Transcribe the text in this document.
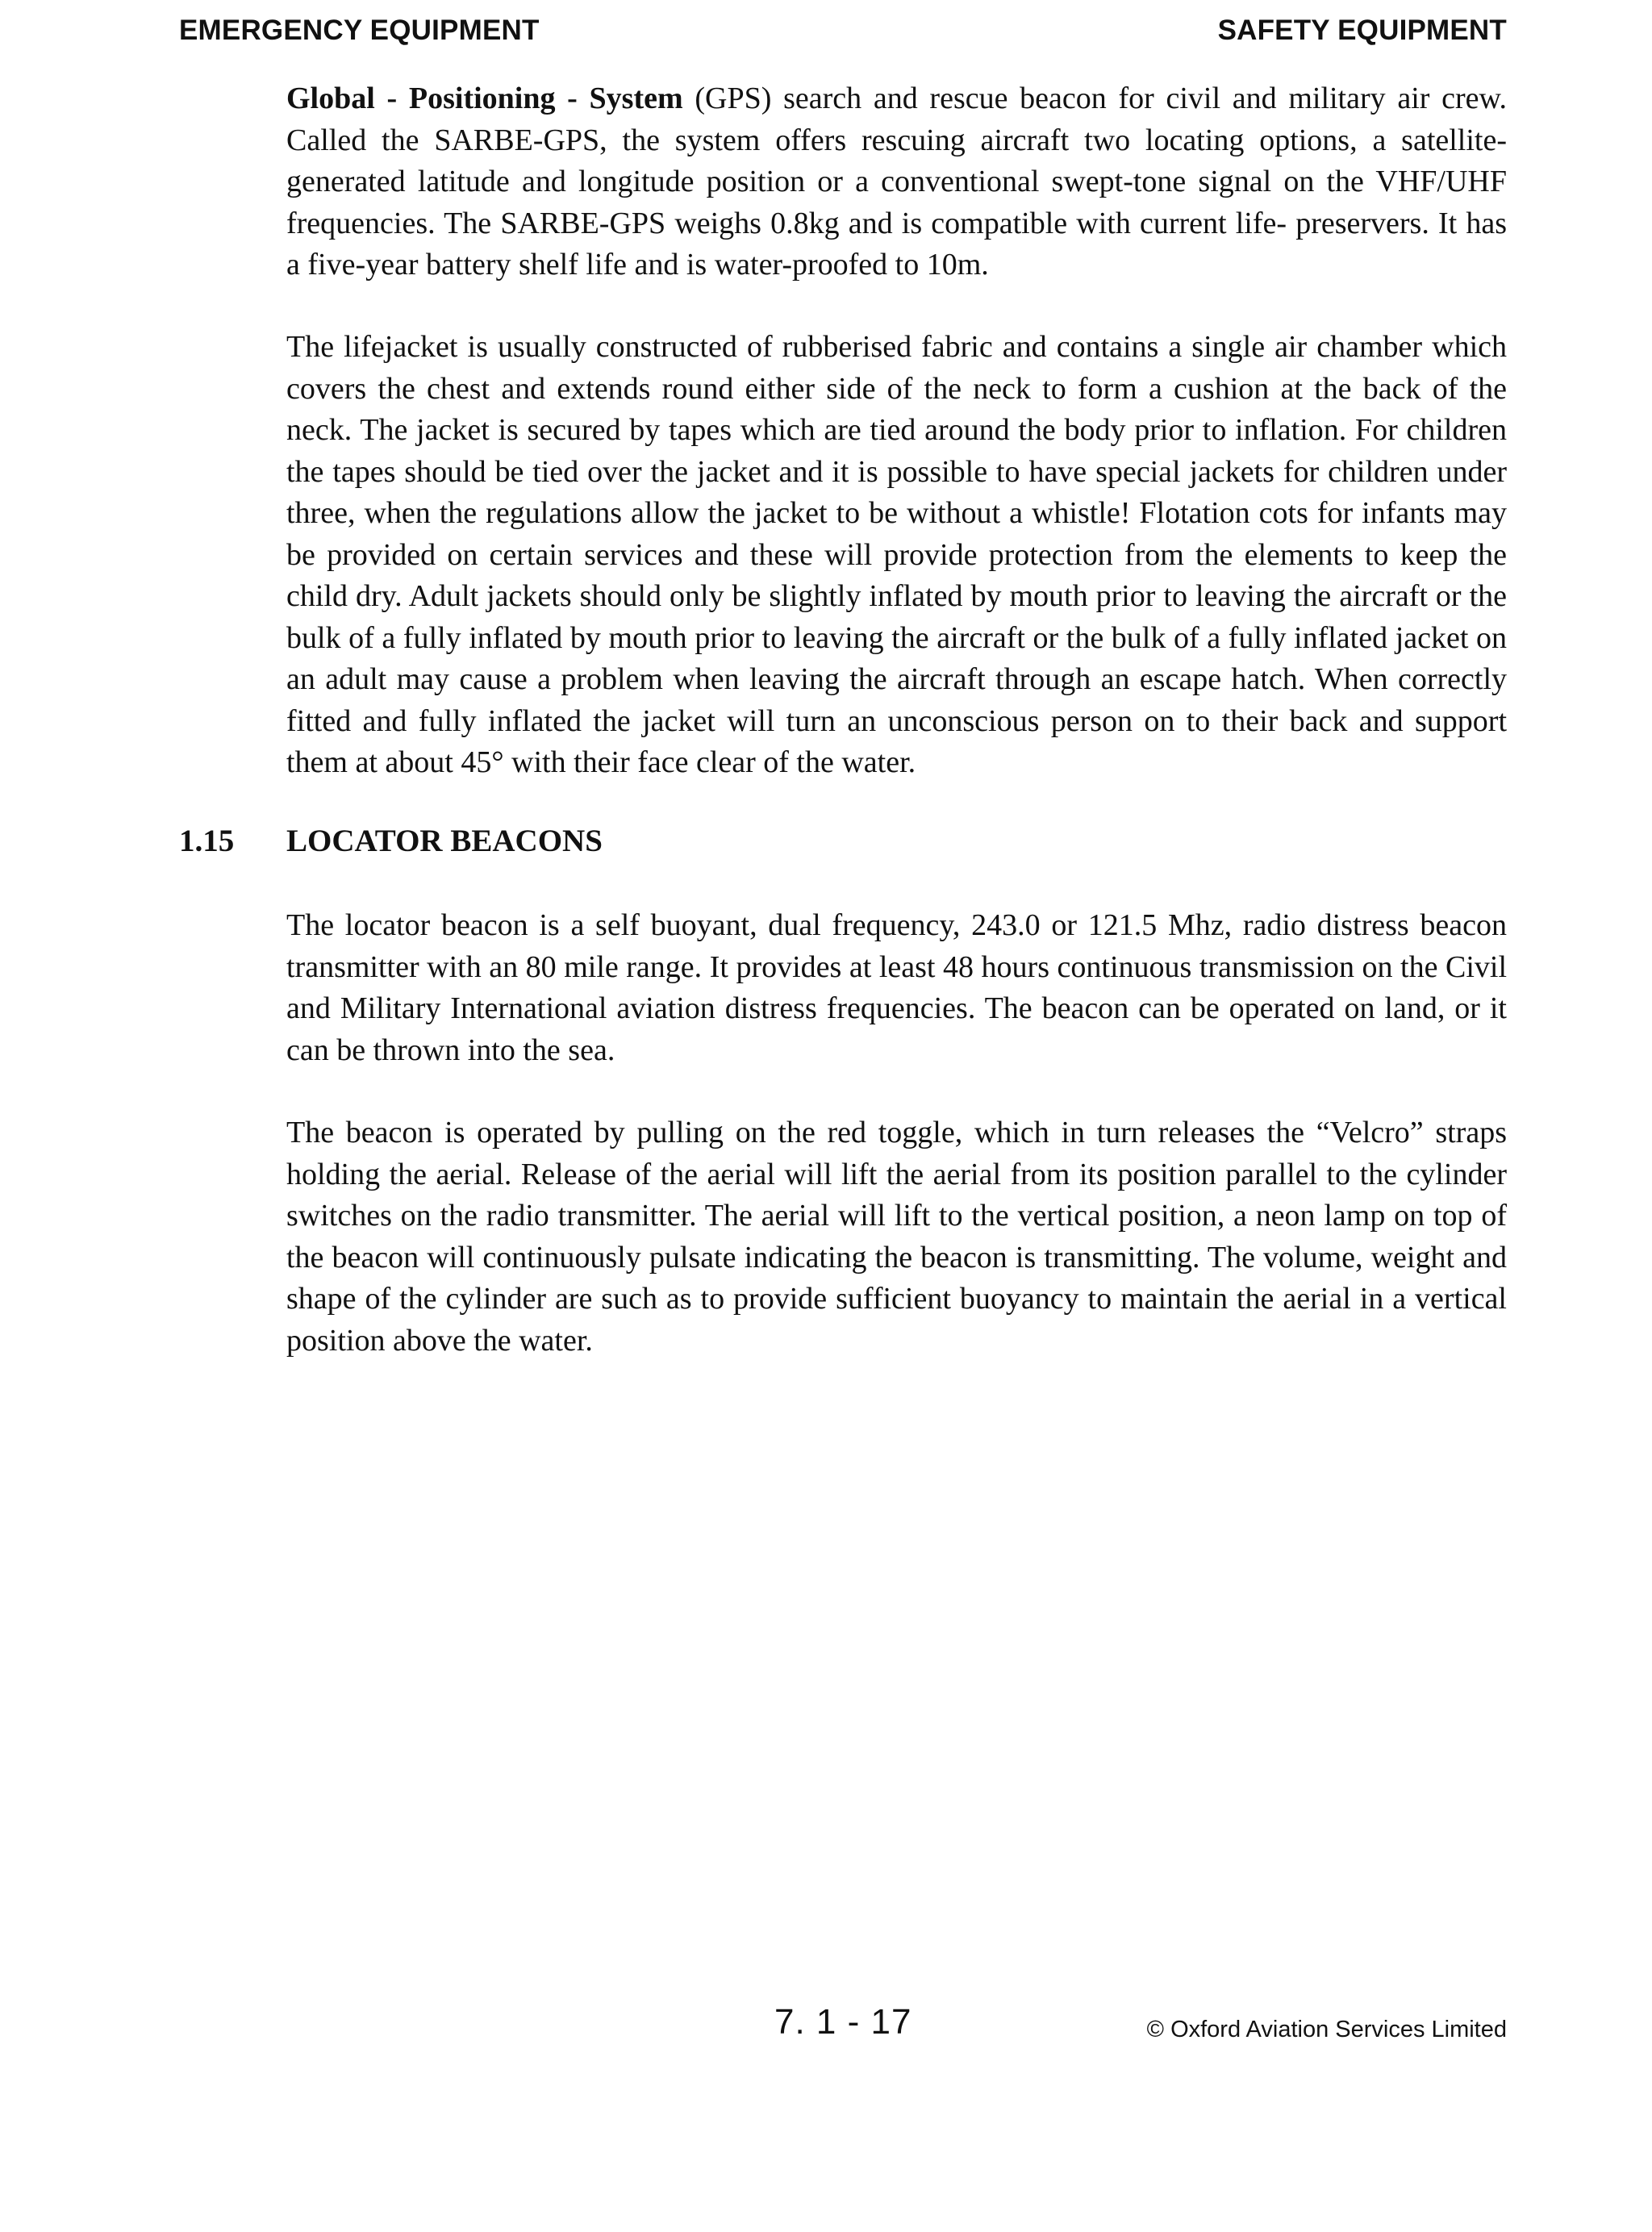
EMERGENCY EQUIPMENT	SAFETY EQUIPMENT

Global - Positioning - System (GPS) search and rescue beacon for civil and military air crew. Called the SARBE-GPS, the system offers rescuing aircraft two locating options, a satellite-generated latitude and longitude position or a conventional swept-tone signal on the VHF/UHF frequencies. The SARBE-GPS weighs 0.8kg and is compatible with current life- preservers. It has a five-year battery shelf life and is water-proofed to 10m.

The lifejacket is usually constructed of rubberised fabric and contains a single air chamber which covers the chest and extends round either side of the neck to form a cushion at the back of the neck. The jacket is secured by tapes which are tied around the body prior to inflation. For children the tapes should be tied over the jacket and it is possible to have special jackets for children under three, when the regulations allow the jacket to be without a whistle! Flotation cots for infants may be provided on certain services and these will provide protection from the elements to keep the child dry. Adult jackets should only be slightly inflated by mouth prior to leaving the aircraft or the bulk of a fully inflated by mouth prior to leaving the aircraft or the bulk of a fully inflated jacket on an adult may cause a problem when leaving the aircraft through an escape hatch. When correctly fitted and fully inflated the jacket will turn an unconscious person on to their back and support them at about 45° with their face clear of the water.

1.15 LOCATOR BEACONS

The locator beacon is a self buoyant, dual frequency, 243.0 or 121.5 Mhz, radio distress beacon transmitter with an 80 mile range. It provides at least 48 hours continuous transmission on the Civil and Military International aviation distress frequencies. The beacon can be operated on land, or it can be thrown into the sea.

The beacon is operated by pulling on the red toggle, which in turn releases the “Velcro” straps holding the aerial. Release of the aerial will lift the aerial from its position parallel to the cylinder switches on the radio transmitter. The aerial will lift to the vertical position, a neon lamp on top of the beacon will continuously pulsate indicating the beacon is transmitting. The volume, weight and shape of the cylinder are such as to provide sufficient buoyancy to maintain the aerial in a vertical position above the water.

7. 1 - 17	© Oxford Aviation Services Limited
